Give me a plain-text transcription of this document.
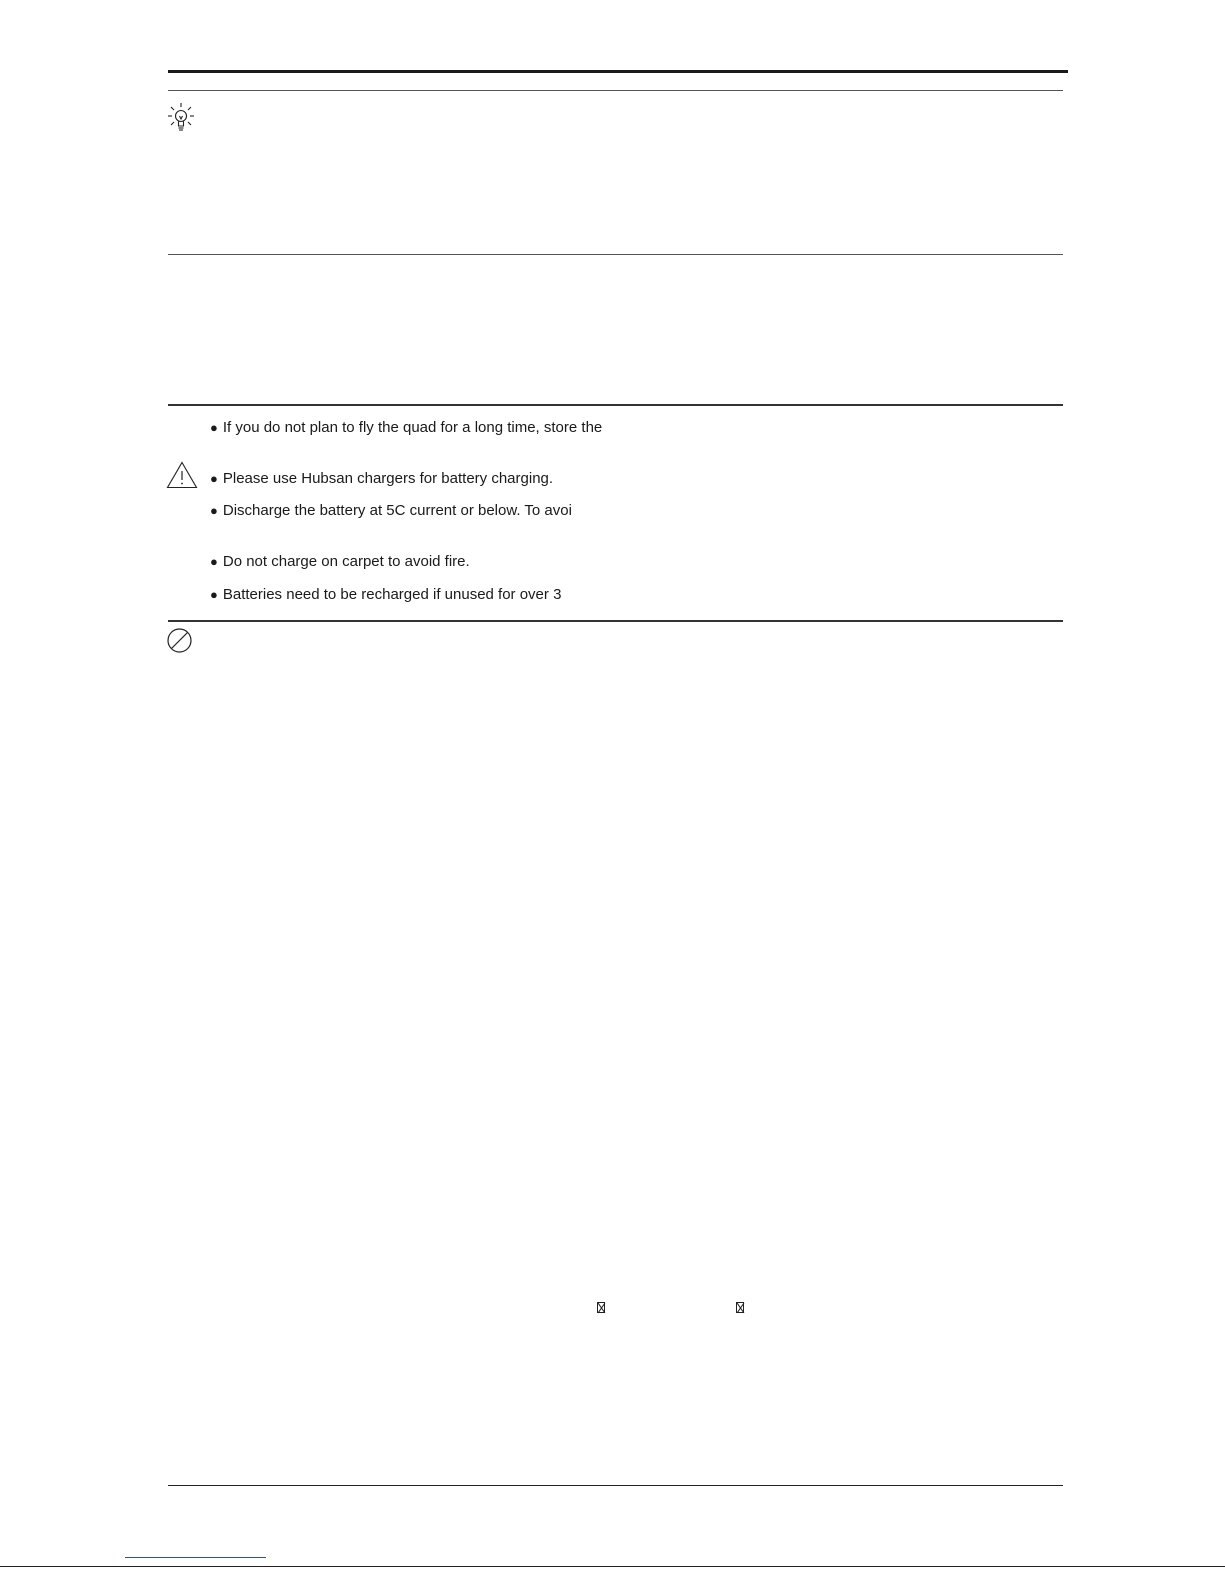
● If you do not plan to fly the quad for a long time, store the
● Please use Hubsan chargers for battery charging.
● Discharge the battery at 5C current or below. To avoi
● Do not charge on carpet to avoid fire.
● Batteries need to be recharged if unused for over 3
